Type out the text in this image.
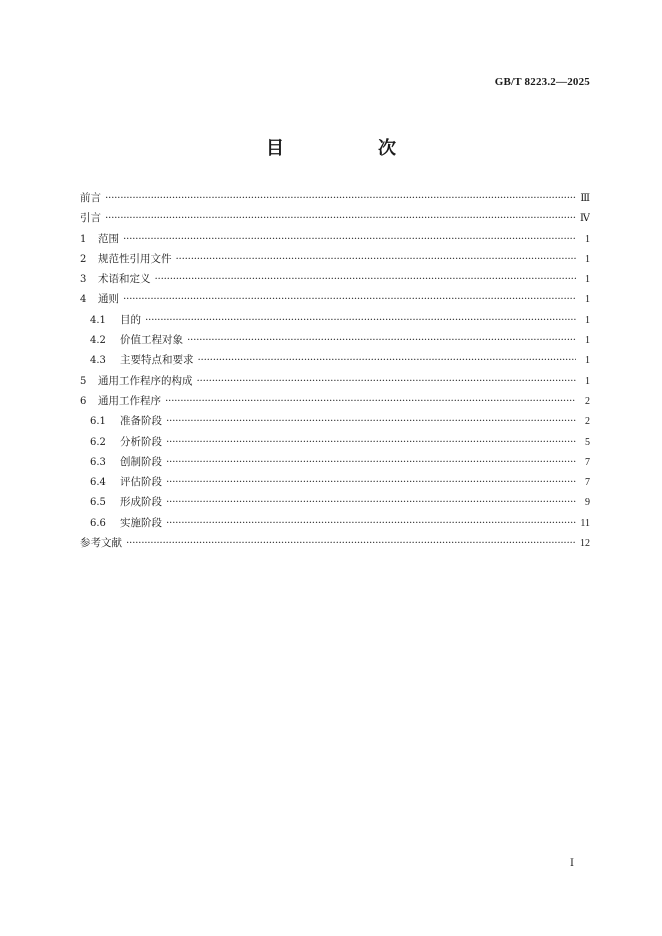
GB/T 8223.2—2025
目　次
前言 ·····	Ⅲ
引言 ·····	Ⅳ
1	范围 ·····	1
2	规范性引用文件 ·····	1
3	术语和定义 ·····	1
4	通则 ·····	1
4.1	目的 ·····	1
4.2	价值工程对象 ·····	1
4.3	主要特点和要求 ·····	1
5	通用工作程序的构成 ·····	1
6	通用工作程序 ·····	2
6.1	准备阶段 ·····	2
6.2	分析阶段 ·····	5
6.3	创制阶段 ·····	7
6.4	评估阶段 ·····	7
6.5	形成阶段 ·····	9
6.6	实施阶段 ·····	11
参考文献 ·····	12
Ⅰ
